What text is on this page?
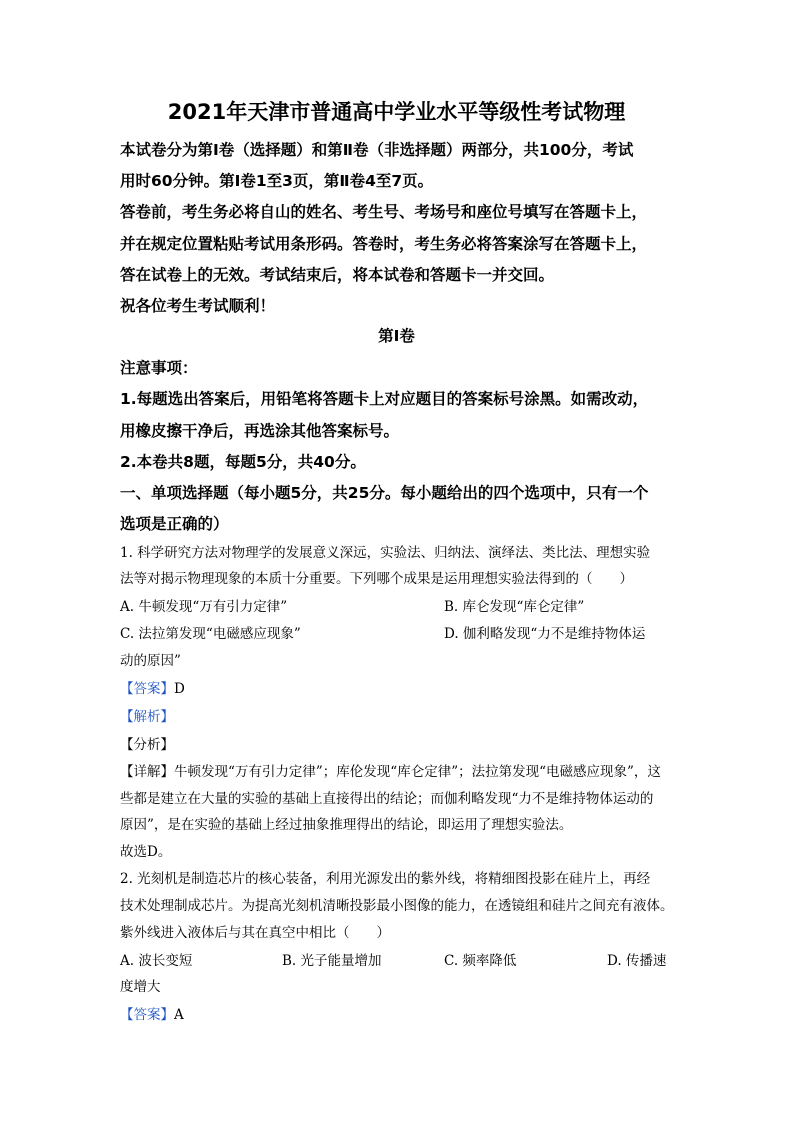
2021年天津市普通高中学业水平等级性考试物理
本试卷分为第Ⅰ卷（选择题）和第Ⅱ卷（非选择题）两部分，共100分，考试
用时60分钟。第Ⅰ卷1至3页，第Ⅱ卷4至7页。
答卷前，考生务必将自山的姓名、考生号、考场号和座位号填写在答题卡上，
并在规定位置粘贴考试用条形码。答卷时，考生务必将答案涂写在答题卡上，
答在试卷上的无效。考试结束后，将本试卷和答题卡一并交回。
祝各位考生考试顺利！
第Ⅰ卷
注意事项：
1.每题选出答案后，用铅笔将答题卡上对应题目的答案标号涂黑。如需改动，
用橡皮擦干净后，再选涂其他答案标号。
2.本卷共8题，每题5分，共40分。
一、单项选择题（每小题5分，共25分。每小题给出的四个选项中，只有一个
选项是正确的）
1. 科学研究方法对物理学的发展意义深远，实验法、归纳法、演绎法、类比法、理想实验
法等对揭示物理现象的本质十分重要。下列哪个成果是运用理想实验法得到的（　　）
A. 牛顿发现“万有引力定律”	B. 库仑发现“库仑定律”
C. 法拉第发现“电磁感应现象”	D. 伽利略发现“力不是维持物体运
动的原因”
【答案】D
【解析】
【分析】
【详解】牛顿发现“万有引力定律”；库伦发现“库仑定律”；法拉第发现“电磁感应现象”，这
些都是建立在大量的实验的基础上直接得出的结论；而伽利略发现“力不是维持物体运动的
原因”，是在实验的基础上经过抽象推理得出的结论，即运用了理想实验法。
故选D。
2. 光刻机是制造芯片的核心装备，利用光源发出的紫外线，将精细图投影在硅片上，再经
技术处理制成芯片。为提高光刻机清晰投影最小图像的能力，在透镜组和硅片之间充有液体。
紫外线进入液体后与其在真空中相比（　　）
A. 波长变短	B. 光子能量增加	C. 频率降低	D. 传播速
度增大
【答案】A
